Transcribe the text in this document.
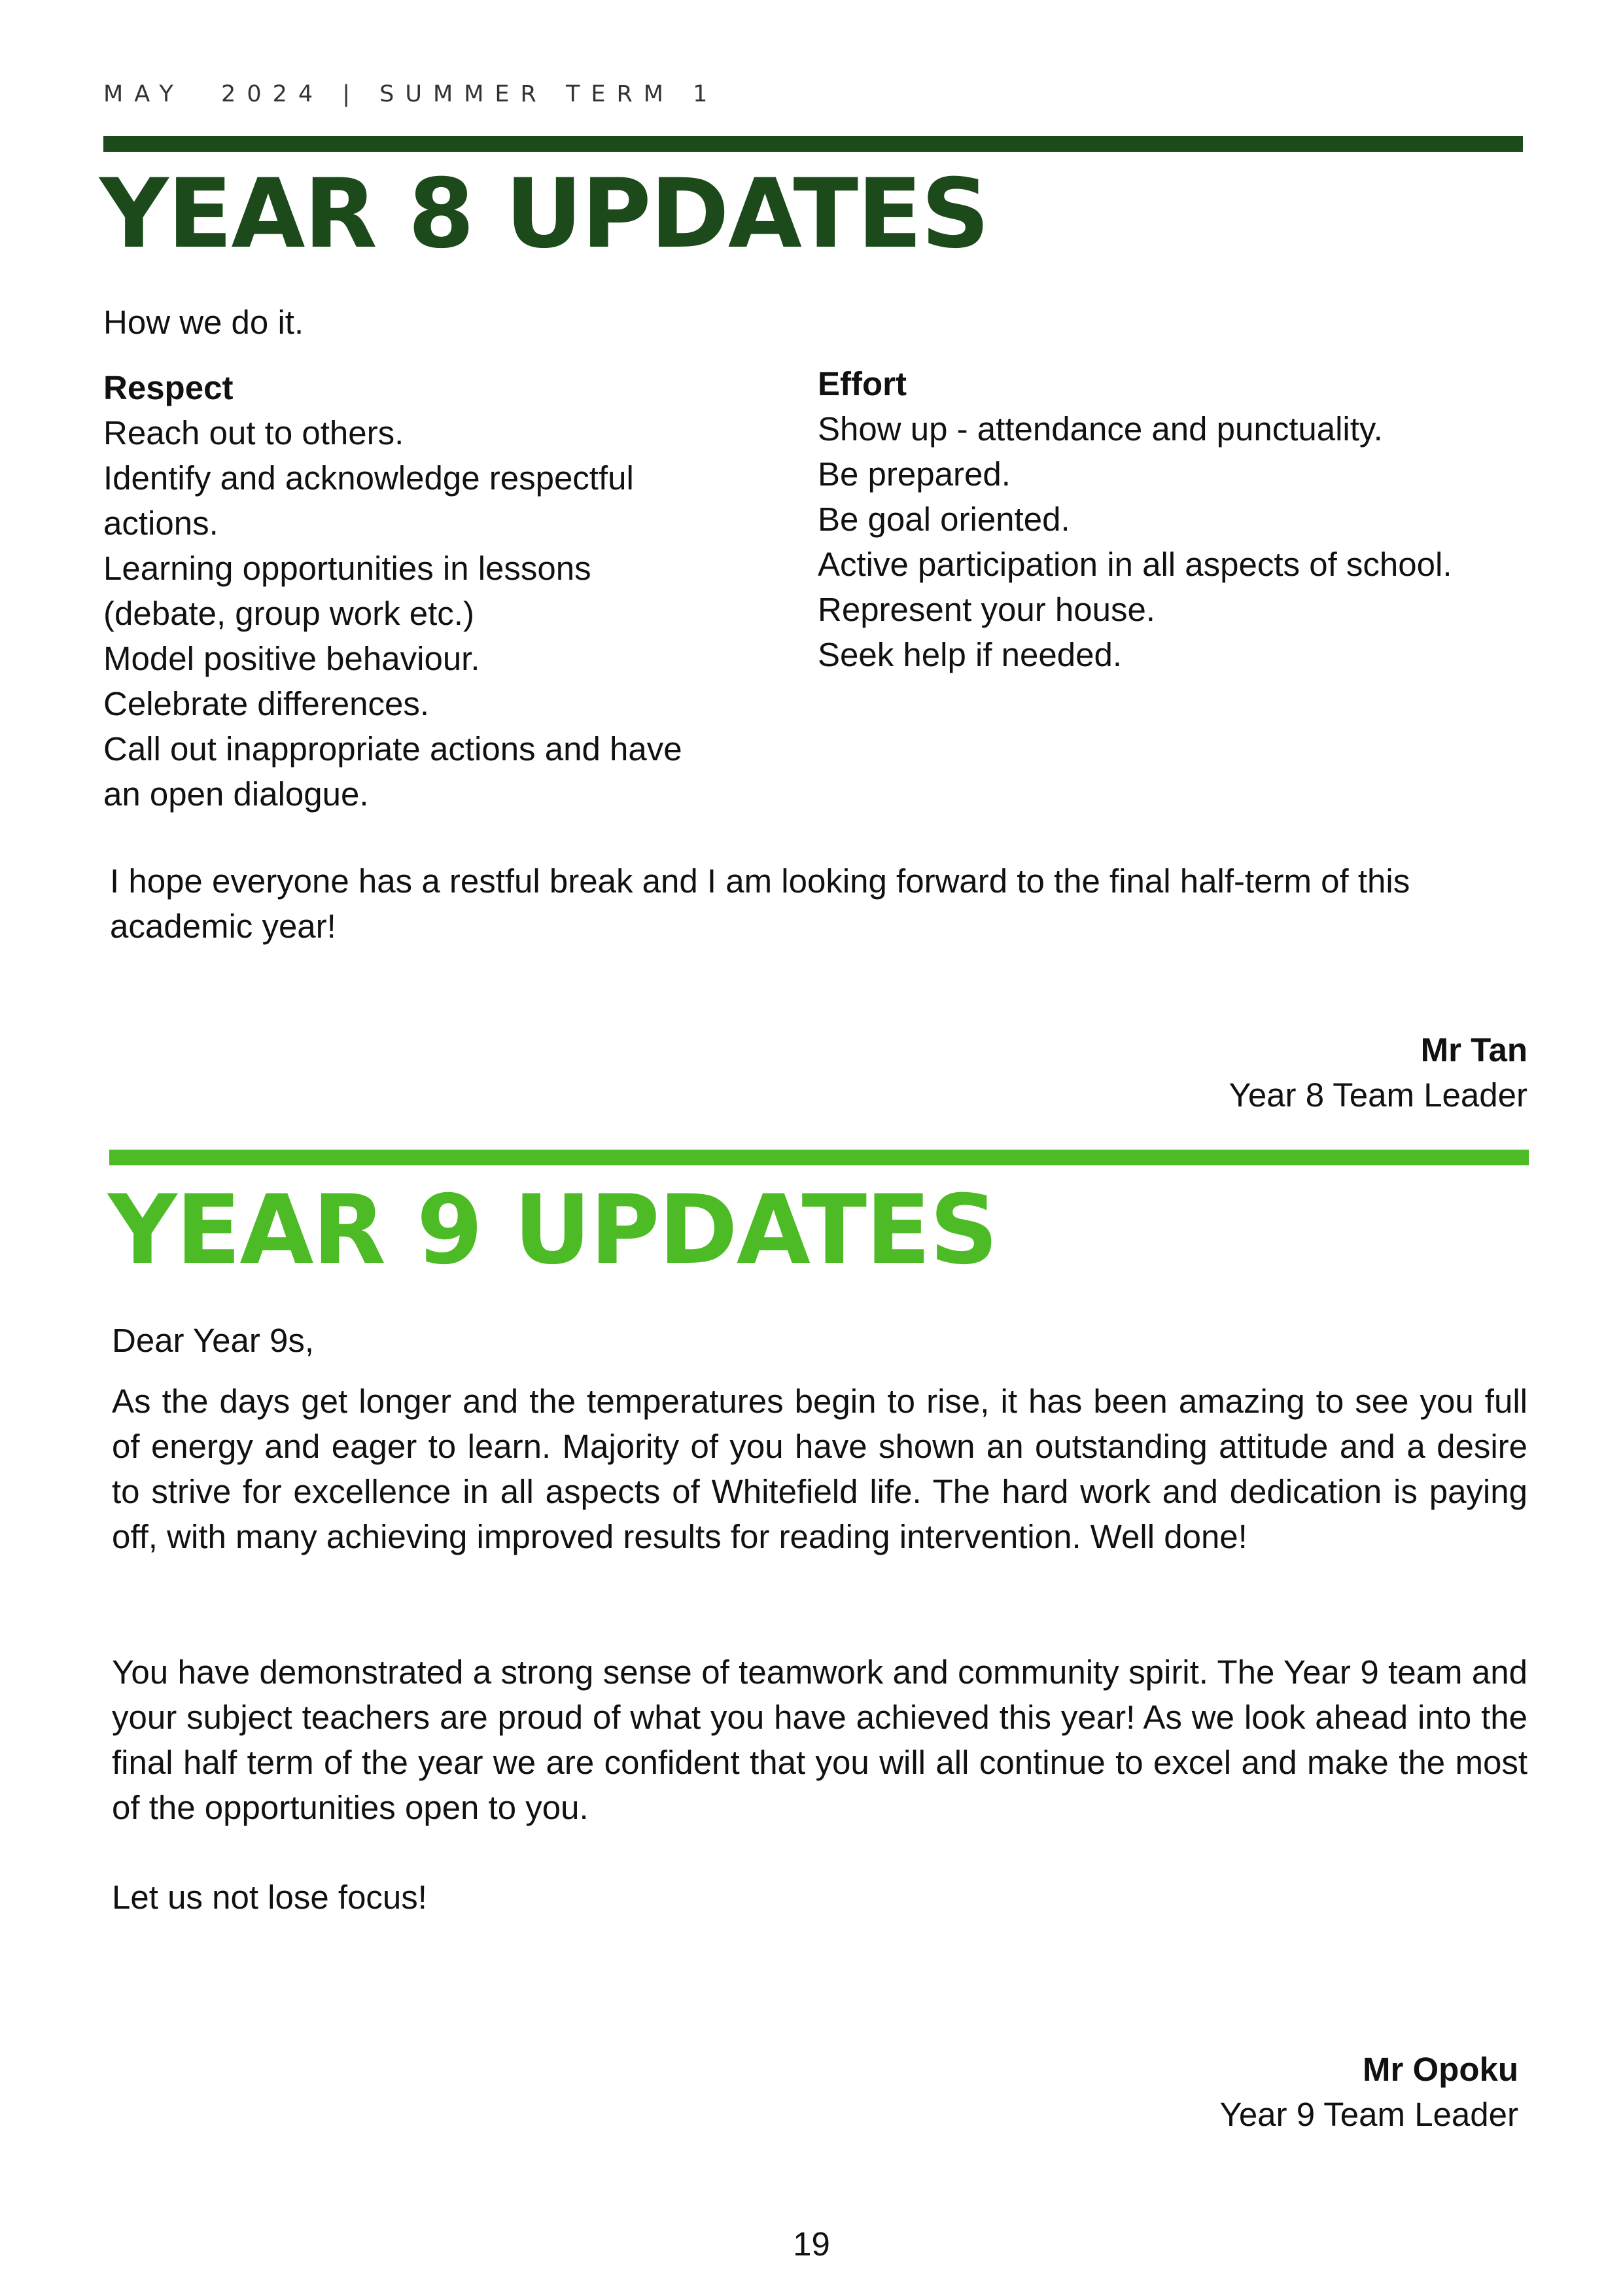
MAY  2024 | SUMMER TERM 1
YEAR 8 UPDATES
How we do it.
Respect
Reach out to others.
Identify and acknowledge respectful
actions.
Learning opportunities in lessons
(debate, group work etc.)
Model positive behaviour.
Celebrate differences.
Call out inappropriate actions and have
an open dialogue.
Effort
Show up - attendance and punctuality.
Be prepared.
Be goal oriented.
Active participation in all aspects of school.
Represent your house.
Seek help if needed.
I hope everyone has a restful break and I am looking forward to the final half-term of this academic year!
Mr Tan
Year 8 Team Leader
YEAR 9 UPDATES
Dear Year 9s,
As the days get longer and the temperatures begin to rise, it has been amazing to see you full of energy and eager to learn. Majority of you have shown an outstanding attitude and a desire to strive for excellence in all aspects of Whitefield life. The hard work and dedication is paying off, with many achieving improved results for reading intervention. Well done!
You have demonstrated a strong sense of teamwork and community spirit. The Year 9 team and your subject teachers are proud of what you have achieved this year! As we look ahead into the final half term of the year we are confident that you will all continue to excel and make the most of the opportunities open to you.
Let us not lose focus!
Mr Opoku
Year 9 Team Leader
19
